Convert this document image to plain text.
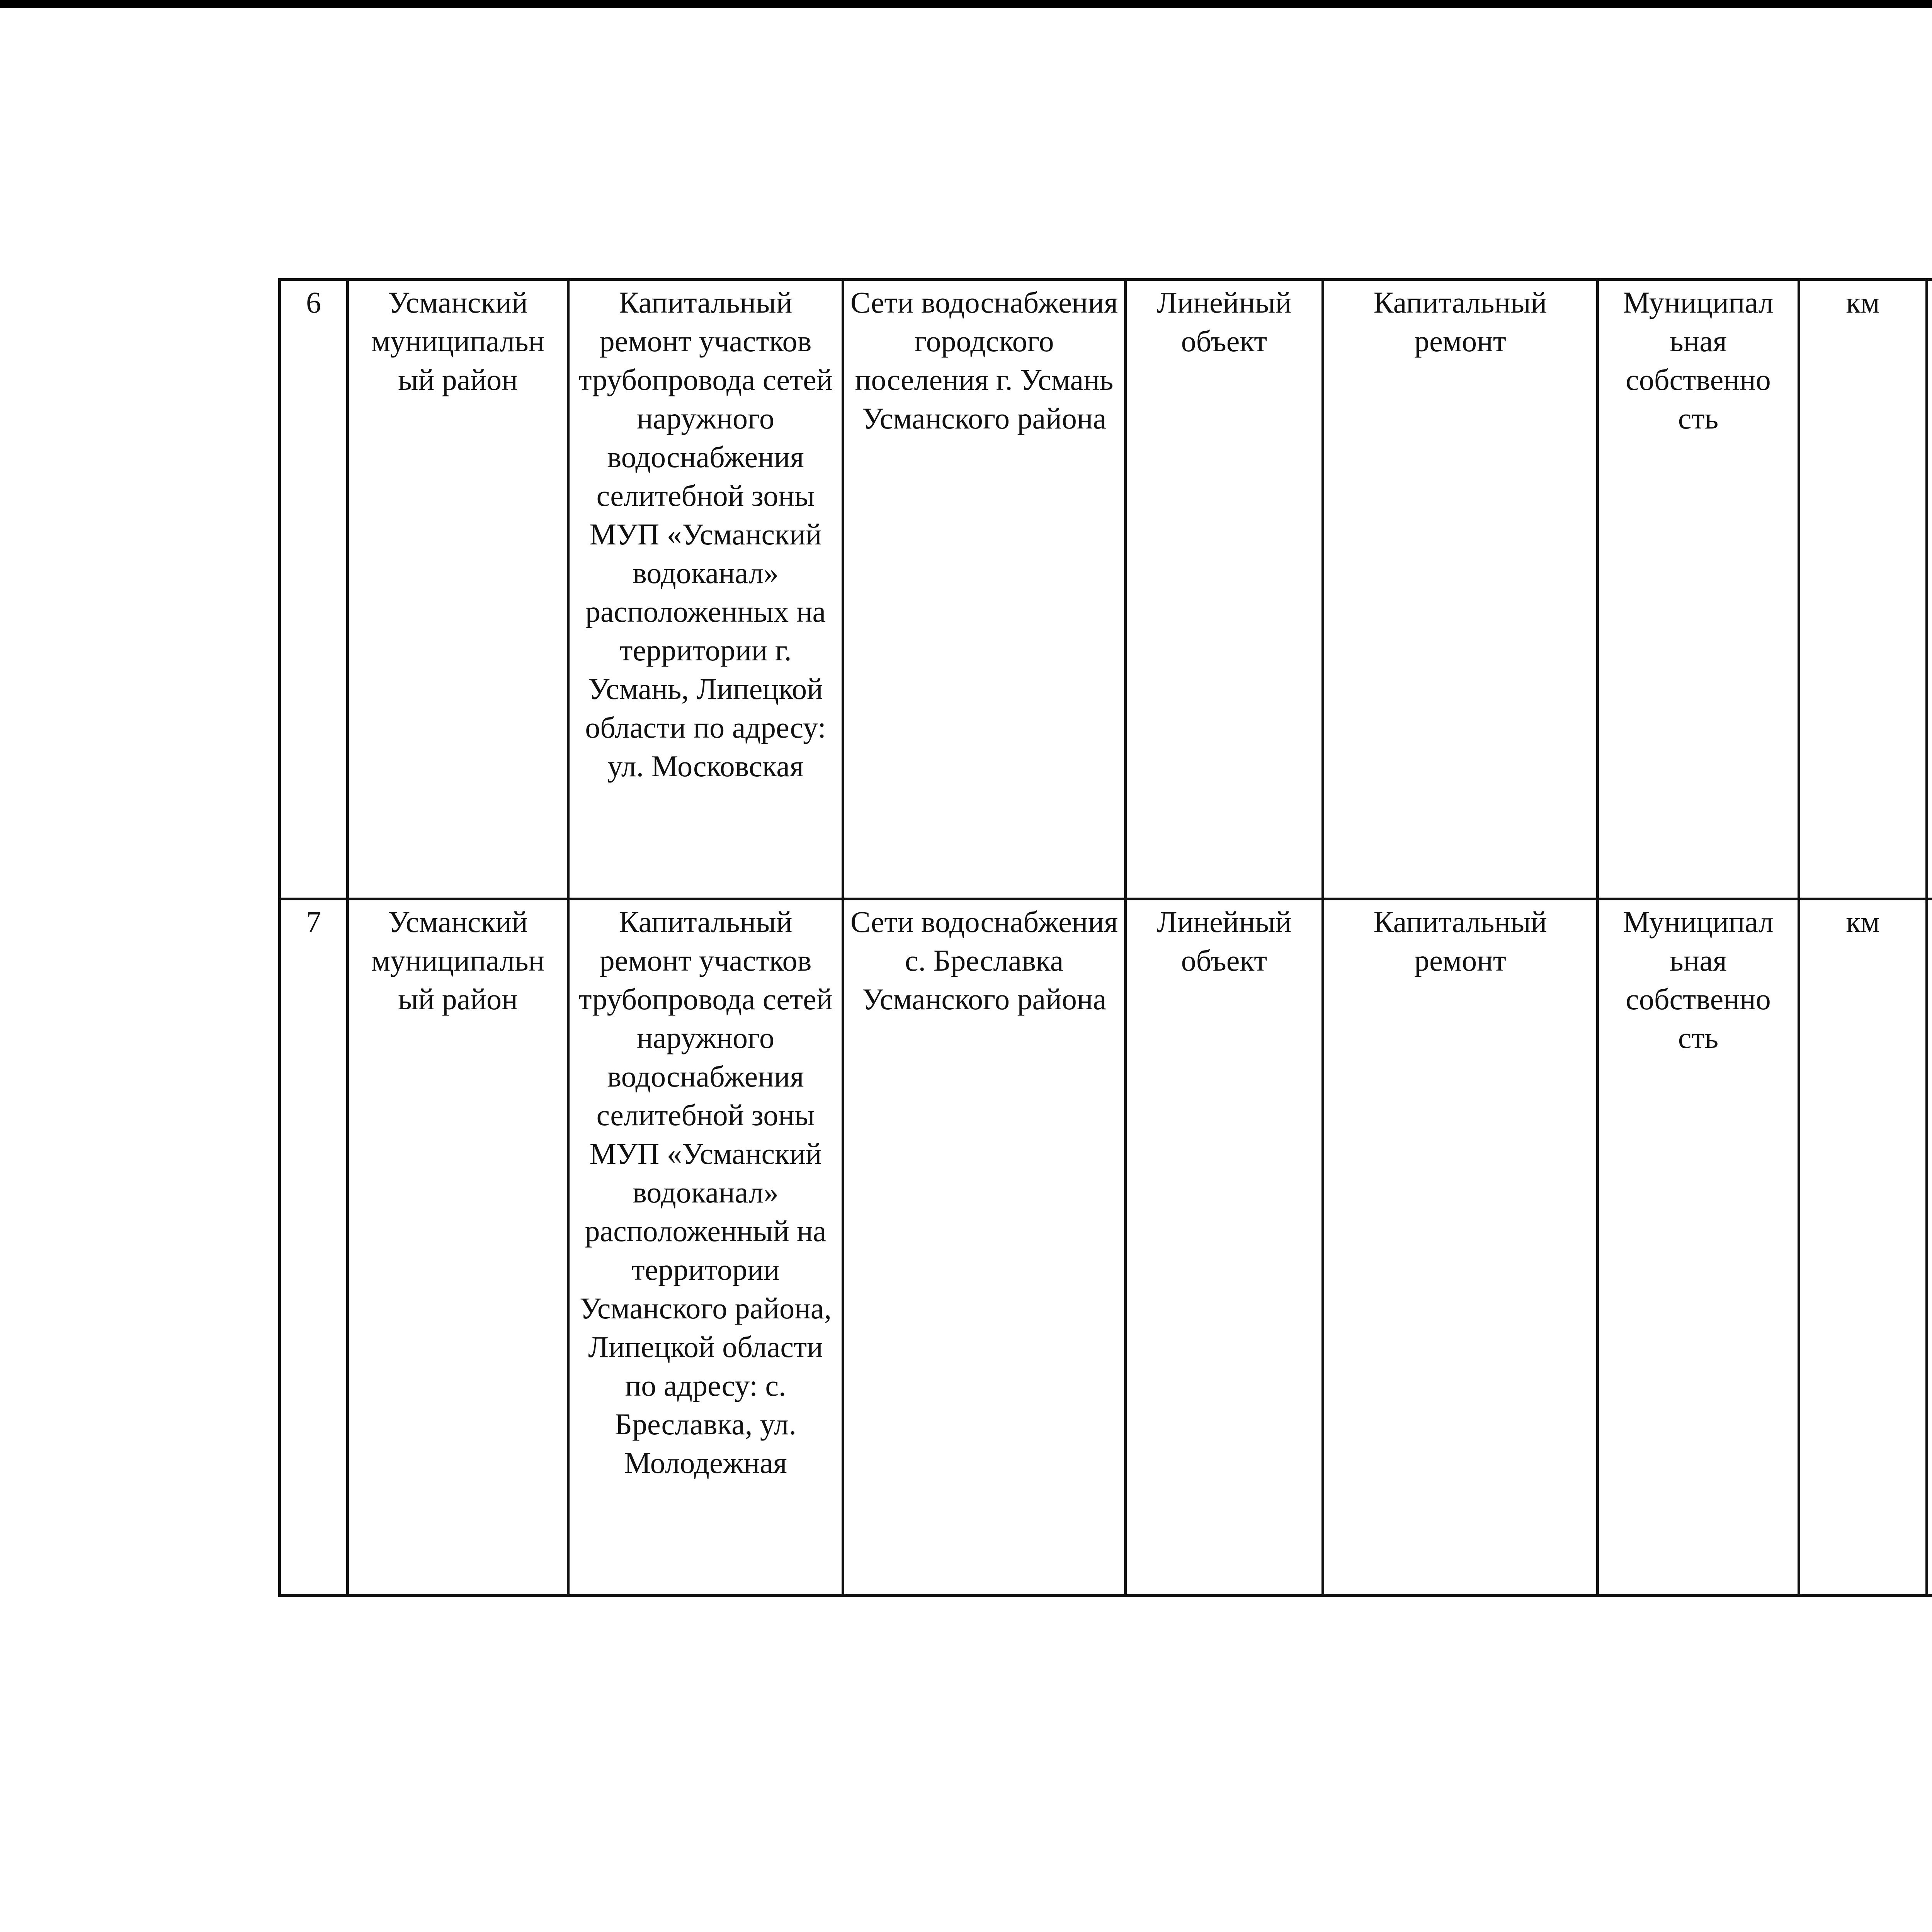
6	Усманский муниципальн ый район	Капитальный ремонт участков трубопровода сетей наружного водоснабжения селитебной зоны МУП «Усманский водоканал» расположенных на территории г. Усмань, Липецкой области по адресу: ул. Московская	Сети водоснабжения городского поселения г. Усмань Усманского района	Линейный объект	Капитальный ремонт	Муниципал ьная собственно сть	км				
7	Усманский муниципальн ый район	Капитальный ремонт участков трубопровода сетей наружного водоснабжения селитебной зоны МУП «Усманский водоканал» расположенный на территории Усманского района, Липецкой области по адресу: с. Бреславка, ул. Молодежная	Сети водоснабжения с. Бреславка Усманского района	Линейный объект	Капитальный ремонт	Муниципал ьная собственно сть	км				
